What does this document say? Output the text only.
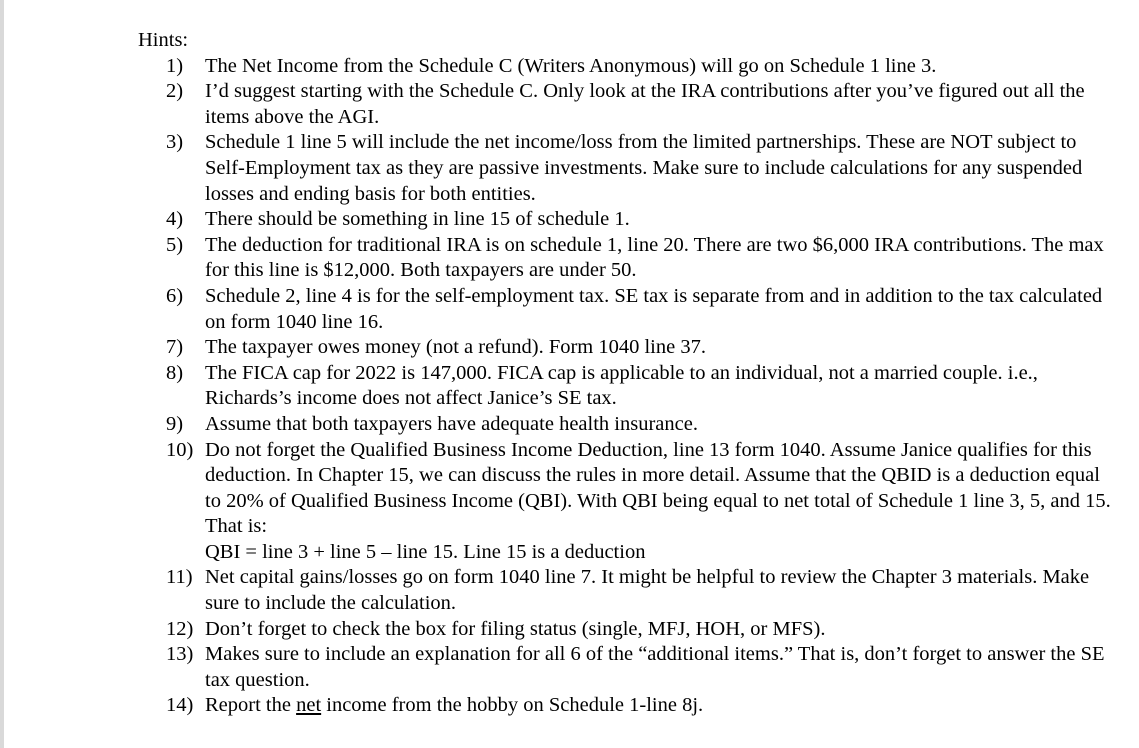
Hints:
1) The Net Income from the Schedule C (Writers Anonymous) will go on Schedule 1 line 3.
2) I’d suggest starting with the Schedule C. Only look at the IRA contributions after you’ve figured out all the items above the AGI.
3) Schedule 1 line 5 will include the net income/loss from the limited partnerships. These are NOT subject to Self-Employment tax as they are passive investments. Make sure to include calculations for any suspended losses and ending basis for both entities.
4) There should be something in line 15 of schedule 1.
5) The deduction for traditional IRA is on schedule 1, line 20. There are two $6,000 IRA contributions. The max for this line is $12,000. Both taxpayers are under 50.
6) Schedule 2, line 4 is for the self-employment tax. SE tax is separate from and in addition to the tax calculated on form 1040 line 16.
7) The taxpayer owes money (not a refund). Form 1040 line 37.
8) The FICA cap for 2022 is 147,000. FICA cap is applicable to an individual, not a married couple. i.e., Richards’s income does not affect Janice’s SE tax.
9) Assume that both taxpayers have adequate health insurance.
10) Do not forget the Qualified Business Income Deduction, line 13 form 1040. Assume Janice qualifies for this deduction. In Chapter 15, we can discuss the rules in more detail. Assume that the QBID is a deduction equal to 20% of Qualified Business Income (QBI). With QBI being equal to net total of Schedule 1 line 3, 5, and 15. That is:
QBI = line 3 + line 5 – line 15. Line 15 is a deduction
11) Net capital gains/losses go on form 1040 line 7. It might be helpful to review the Chapter 3 materials. Make sure to include the calculation.
12) Don’t forget to check the box for filing status (single, MFJ, HOH, or MFS).
13) Makes sure to include an explanation for all 6 of the “additional items.” That is, don’t forget to answer the SE tax question.
14) Report the net income from the hobby on Schedule 1-line 8j.
